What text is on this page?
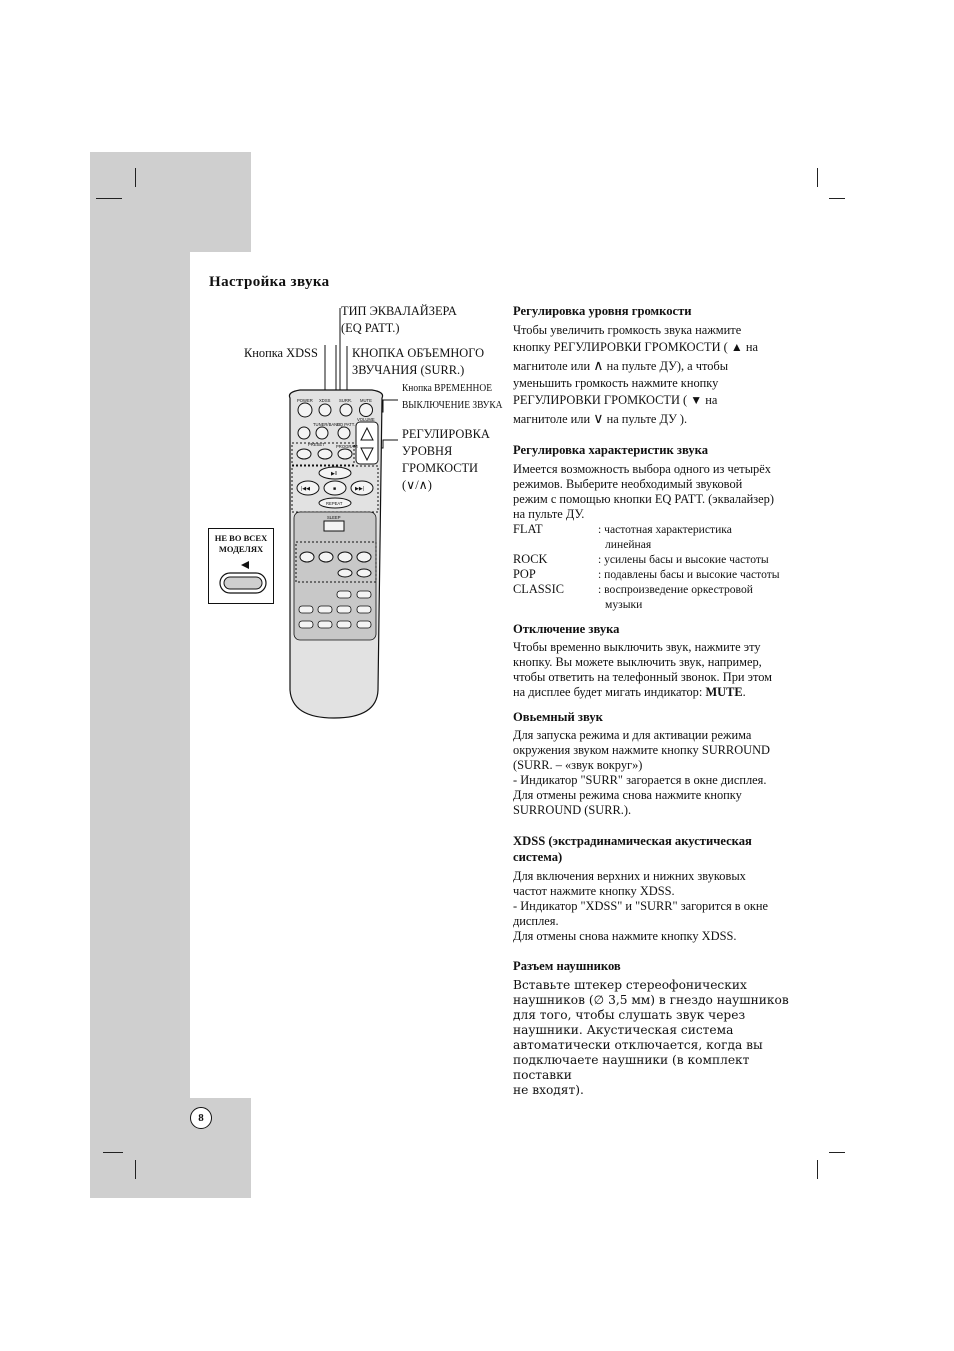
Настройка звука
POWER XDSS SURR. MUTE
TUNER/BAND
EQ PATT.
VOLUME
PRESET	PROGRAM
REPEAT
SLEEP
▶‖
|◀◀	■	▶▶|
ТИП ЭКВАЛАЙЗЕРА
(EQ PATT.)
Кнопка XDSS	КНОПКА ОБЪЕМНОГО
ЗВУЧАНИЯ (SURR.)
Кнопка ВРЕМЕННОЕ
ВЫКЛЮЧЕНИЕ ЗВУКА
РЕГУЛИРОВКА
УРОВНЯ
ГРОМКОСТИ
(∨/∧)
НЕ ВО ВСЕХ
МОДЕЛЯХ
8
Регулировка уровня громкости

Чтобы увеличить громкость звука нажмите

кнопку РЕГУЛИРОВКИ ГРОМКОСТИ ( ▲ на

магнитоле или ∧ на пульте ДУ), а чтобы

уменьшить громкость нажмите кнопку

РЕГУЛИРОВКИ ГРОМКОСТИ ( ▼ на

магнитоле или ∨ на пульте ДУ ).

Регулировка характеристик звука

Имеется возможность выбора одного из четырёх

режимов. Выберите необходимый звуковой

режим с помощью кнопки EQ PATT. (эквалайзер)

на пульте ДУ.

FLAT	: частотная характеристика
линейная
ROCK	: усилены басы и высокие частоты
POP	: подавлены басы и высокие частоты
CLASSIC	: воспроизведение оркестровой
музыки
Отключение звука

Чтобы временно выключить звук, нажмите эту

кнопку. Вы можете выключить звук, например,

чтобы ответить на телефонный звонок. При этом

на дисплее будет мигать индикатор: MUTE.

Овьемный звук

Для запуска режима и для активации режима

окружения звуком нажмите кнопку SURROUND

(SURR. – «звук вокруг»)

- Индикатор "SURR" загорается в окне дисплея.

Для отмены режима снова нажмите кнопку

SURROUND (SURR.).

XDSS (экстрадинамическая акустическая
система)

Для включения верхних и нижних звуковых

частот нажмите кнопку XDSS.

- Индикатор "XDSS" и "SURR" загорится в окне

дисплея.

Для отмены снова нажмите кнопку XDSS.

Разъем наушников

Вставьте штекер стереофонических

наушников (∅ 3,5 мм) в гнездо наушников

для того, чтобы слушать звук через

наушники. Акустическая система

автоматически отключается, когда вы

подключаете наушники (в комплект поставки

не входят).
